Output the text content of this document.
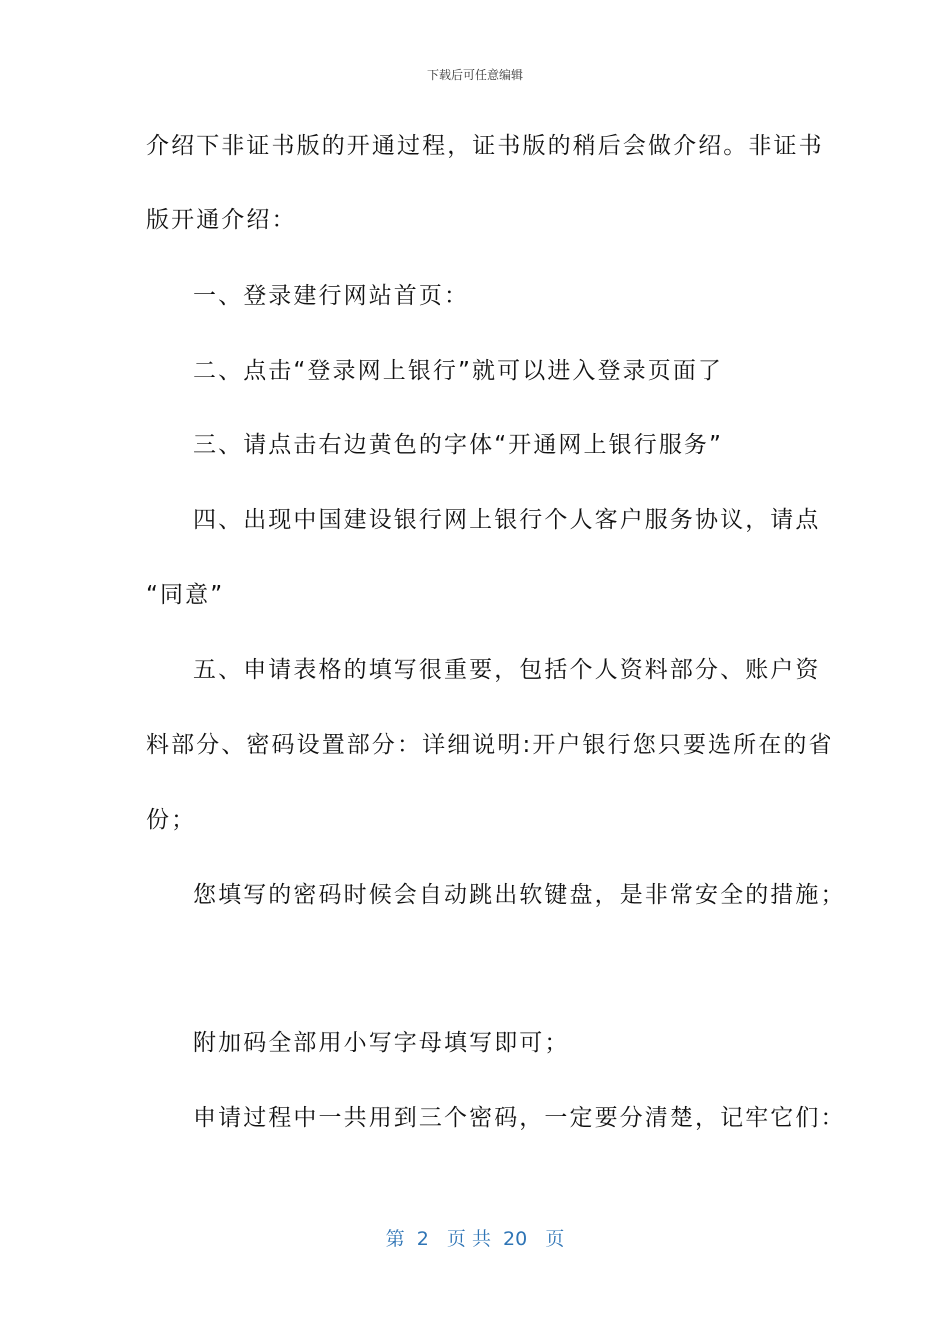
下载后可任意编辑
介绍下非证书版的开通过程，证书版的稍后会做介绍。非证书
版开通介绍：
一、登录建行网站首页：
二、点击“登录网上银行”就可以进入登录页面了
三、请点击右边黄色的字体“开通网上银行服务”
四、出现中国建设银行网上银行个人客户服务协议，请点
“同意”
五、申请表格的填写很重要，包括个人资料部分、账户资
料部分、密码设置部分：详细说明:开户银行您只要选所在的省
份；
您填写的密码时候会自动跳出软键盘，是非常安全的措施；
附加码全部用小写字母填写即可；
申请过程中一共用到三个密码，一定要分清楚，记牢它们：
第  2   页 共  20   页
